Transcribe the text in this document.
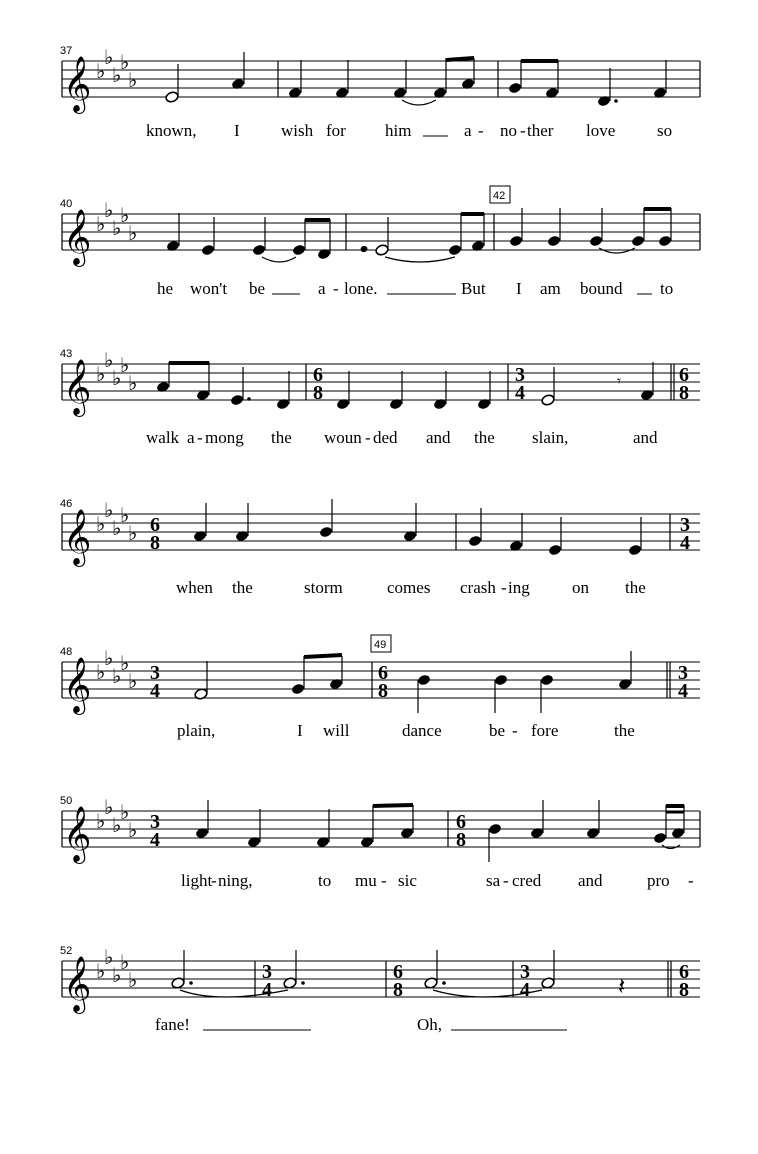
37
𝄞 ♭
♭
♭
♭
♭
known, I wish for him	a - no - ther love so
40
42
𝄞 ♭
♭
♭
♭
♭
he won't be	a - lone.	But I am bound to
43
𝄞 ♭
♭
♭
♭
♭	6
8
3
4
6
8
𝄾
walk a - mong the woun - ded and the slain,	and
46
𝄞 ♭
♭
♭
♭
♭ 6
8
3
4
when the	storm	comes crash - ing on the
48
49
𝄞 ♭
♭
♭
♭
♭ 3
4
6
8
3
4
plain,	I will	dance	be - fore	the
50
𝄞 ♭
♭
♭
♭
♭ 3
4
6
8
light
- ning,	to mu - sic	sa - cred and	pro -
52
𝄞 ♭
♭
♭
♭
♭	3
4
6
8
3
4
6
8
𝄽
fane!	Oh,
